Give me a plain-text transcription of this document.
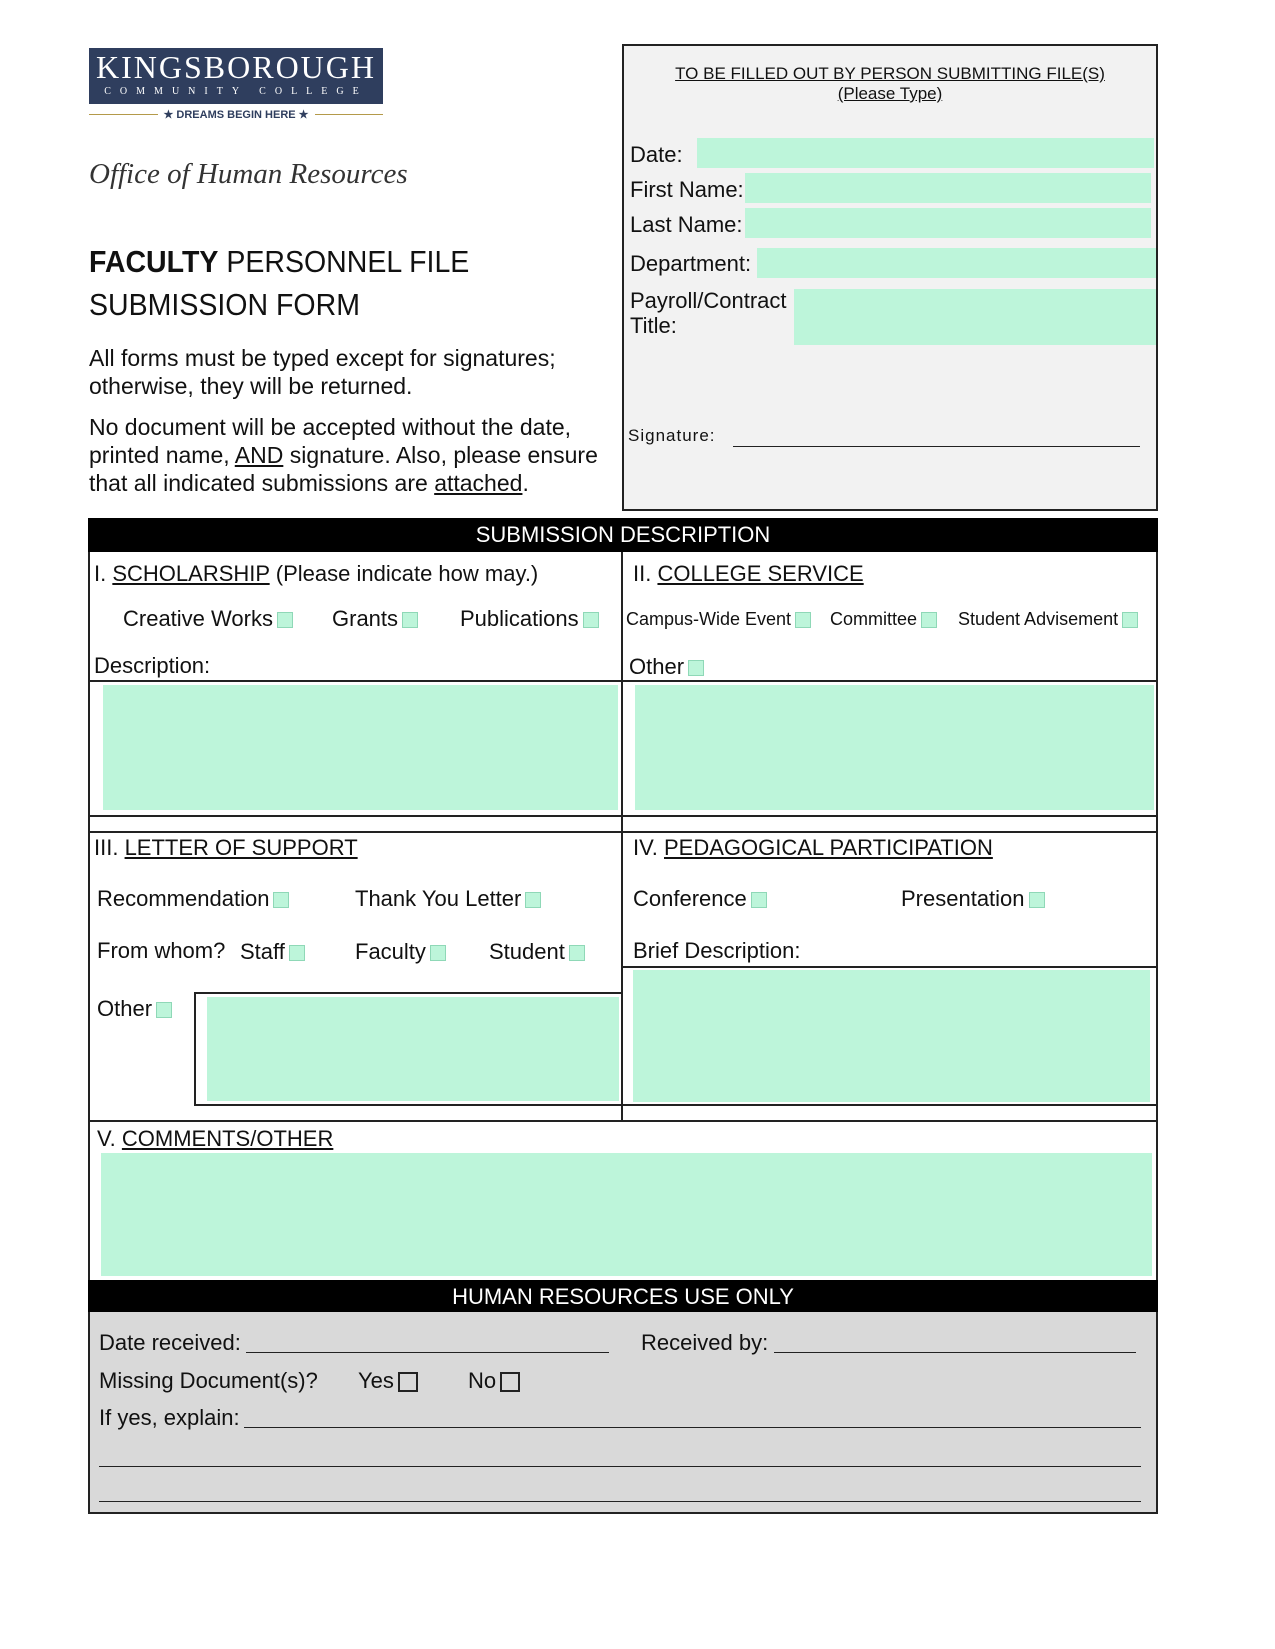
KINGSBOROUGH
COMMUNITY COLLEGE
★ DREAMS BEGIN HERE ★
Office of Human Resources
FACULTY PERSONNEL FILE
SUBMISSION FORM
All forms must be typed except for signatures; otherwise, they will be returned.
No document will be accepted without the date, printed name, AND signature. Also, please ensure that all indicated submissions are attached.
TO BE FILLED OUT BY PERSON SUBMITTING FILE(S)
(Please Type)
Date:
First Name:
Last Name:
Department:
Payroll/Contract
Title:
Signature:
SUBMISSION DESCRIPTION
I. SCHOLARSHIP (Please indicate how may.)
Creative Works	Grants	Publications
Description:
II. COLLEGE SERVICE
Campus-Wide Event	Committee	Student Advisement
Other
III. LETTER OF SUPPORT
Recommendation	Thank You Letter
From whom? Staff	Faculty	Student
Other
IV. PEDAGOGICAL PARTICIPATION
Conference	Presentation
Brief Description:
V. COMMENTS/OTHER
HUMAN RESOURCES USE ONLY
Date received:	Received by:
Missing Document(s)? Yes	No
If yes, explain:
